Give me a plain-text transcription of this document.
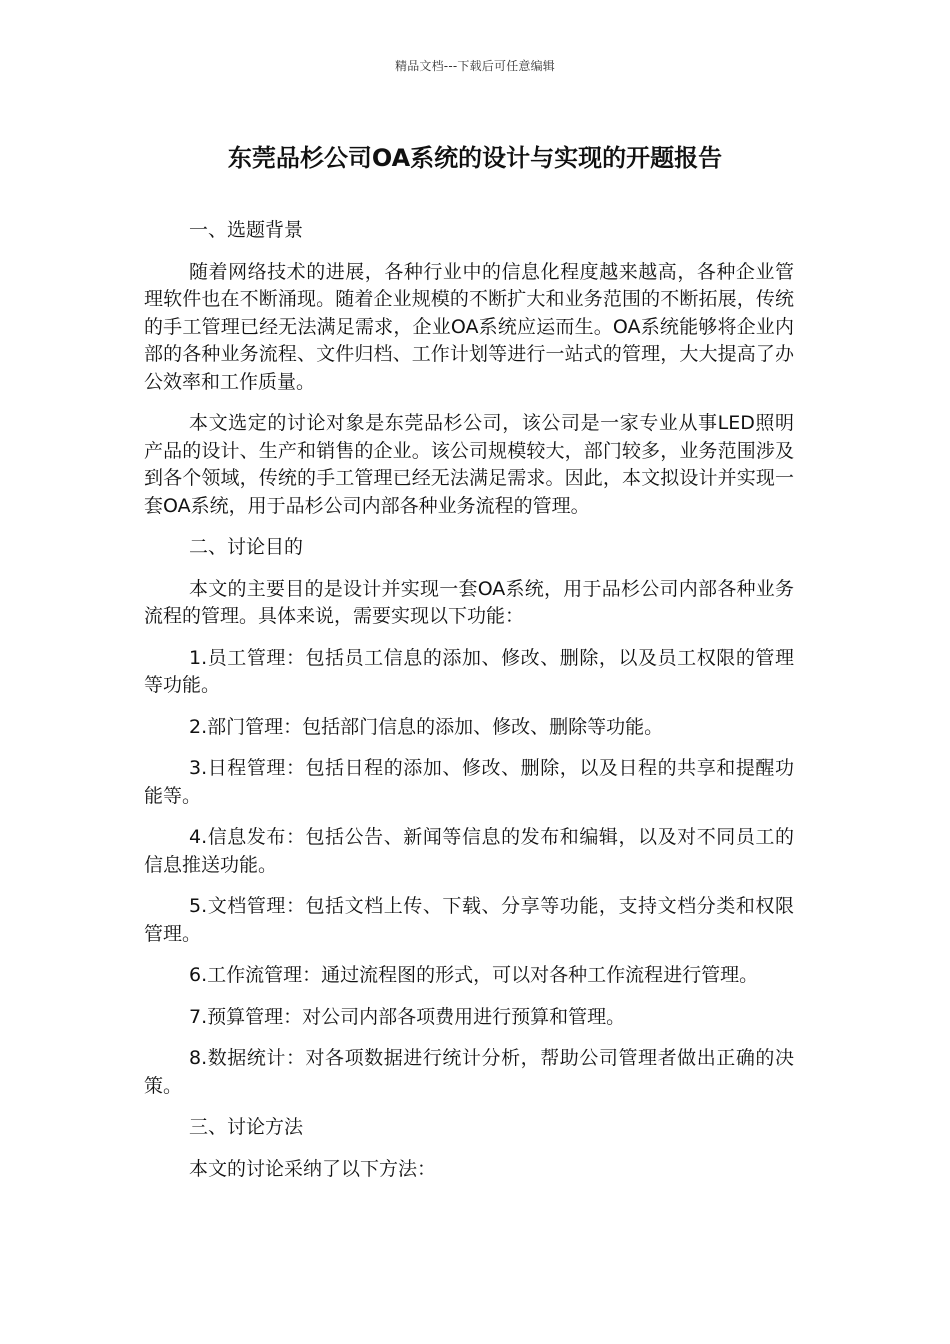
精品文档---下载后可任意编辑
东莞品杉公司OA系统的设计与实现的开题报告

一、选题背景

随着网络技术的进展，各种行业中的信息化程度越来越高，各种企业管理软件也在不断涌现。随着企业规模的不断扩大和业务范围的不断拓展，传统的手工管理已经无法满足需求，企业OA系统应运而生。OA系统能够将企业内部的各种业务流程、文件归档、工作计划等进行一站式的管理，大大提高了办公效率和工作质量。

本文选定的讨论对象是东莞品杉公司，该公司是一家专业从事LED照明产品的设计、生产和销售的企业。该公司规模较大，部门较多，业务范围涉及到各个领域，传统的手工管理已经无法满足需求。因此，本文拟设计并实现一套OA系统，用于品杉公司内部各种业务流程的管理。

二、讨论目的

本文的主要目的是设计并实现一套OA系统，用于品杉公司内部各种业务流程的管理。具体来说，需要实现以下功能：

1.员工管理：包括员工信息的添加、修改、删除，以及员工权限的管理等功能。

2.部门管理：包括部门信息的添加、修改、删除等功能。

3.日程管理：包括日程的添加、修改、删除，以及日程的共享和提醒功能等。

4.信息发布：包括公告、新闻等信息的发布和编辑，以及对不同员工的信息推送功能。

5.文档管理：包括文档上传、下载、分享等功能，支持文档分类和权限管理。

6.工作流管理：通过流程图的形式，可以对各种工作流程进行管理。

7.预算管理：对公司内部各项费用进行预算和管理。

8.数据统计：对各项数据进行统计分析，帮助公司管理者做出正确的决策。

三、讨论方法

本文的讨论采纳了以下方法：
